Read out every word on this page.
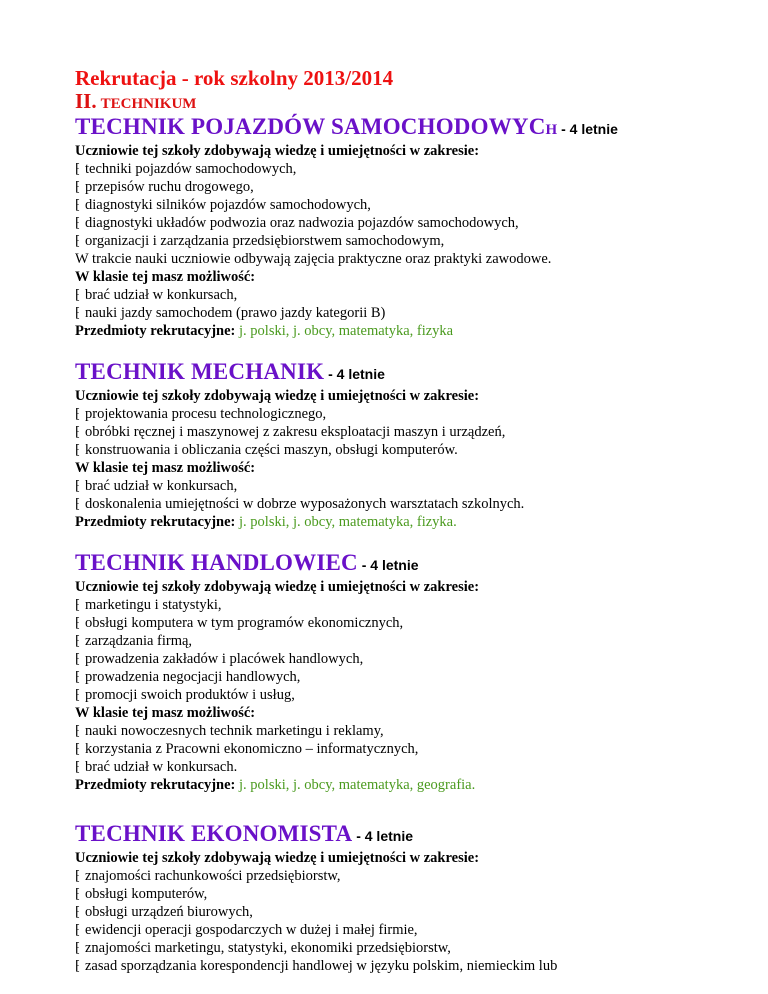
Rekrutacja - rok szkolny 2013/2014

II. TECHNIKUM

TECHNIK POJAZDÓW SAMOCHODOWYCH - 4 letnie

Uczniowie tej szkoły zdobywają wiedzę i umiejętności w zakresie:

⁅ techniki pojazdów samochodowych,

⁅ przepisów ruchu drogowego,

⁅ diagnostyki silników pojazdów samochodowych,

⁅ diagnostyki układów podwozia oraz nadwozia pojazdów samochodowych,

⁅ organizacji i zarządzania przedsiębiorstwem samochodowym,

W trakcie nauki uczniowie odbywają zajęcia praktyczne oraz praktyki zawodowe.

W klasie tej masz możliwość:

⁅ brać udział w konkursach,

⁅ nauki jazdy samochodem (prawo jazdy kategorii B)

Przedmioty rekrutacyjne: j. polski, j. obcy, matematyka, fizyka

TECHNIK MECHANIK - 4 letnie

Uczniowie tej szkoły zdobywają wiedzę i umiejętności w zakresie:

⁅ projektowania procesu technologicznego,

⁅ obróbki ręcznej i maszynowej z zakresu eksploatacji maszyn i urządzeń,

⁅ konstruowania i obliczania części maszyn, obsługi komputerów.

W klasie tej masz możliwość:

⁅ brać udział w konkursach,

⁅ doskonalenia umiejętności w dobrze wyposażonych warsztatach szkolnych.

Przedmioty rekrutacyjne: j. polski, j. obcy, matematyka, fizyka.

TECHNIK HANDLOWIEC - 4 letnie

Uczniowie tej szkoły zdobywają wiedzę i umiejętności w zakresie:

⁅ marketingu i statystyki,

⁅ obsługi komputera w tym programów ekonomicznych,

⁅ zarządzania firmą,

⁅ prowadzenia zakładów i placówek handlowych,

⁅ prowadzenia negocjacji handlowych,

⁅ promocji swoich produktów i usług,

W klasie tej masz możliwość:

⁅ nauki nowoczesnych technik marketingu i reklamy,

⁅ korzystania z Pracowni ekonomiczno – informatycznych,

⁅ brać udział w konkursach.

Przedmioty rekrutacyjne: j. polski, j. obcy, matematyka, geografia.

TECHNIK EKONOMISTA - 4 letnie

Uczniowie tej szkoły zdobywają wiedzę i umiejętności w zakresie:

⁅ znajomości rachunkowości przedsiębiorstw,

⁅ obsługi komputerów,

⁅ obsługi urządzeń biurowych,

⁅ ewidencji operacji gospodarczych w dużej i małej firmie,

⁅ znajomości marketingu, statystyki, ekonomiki przedsiębiorstw,

⁅ zasad sporządzania korespondencji handlowej w języku polskim, niemieckim lub
